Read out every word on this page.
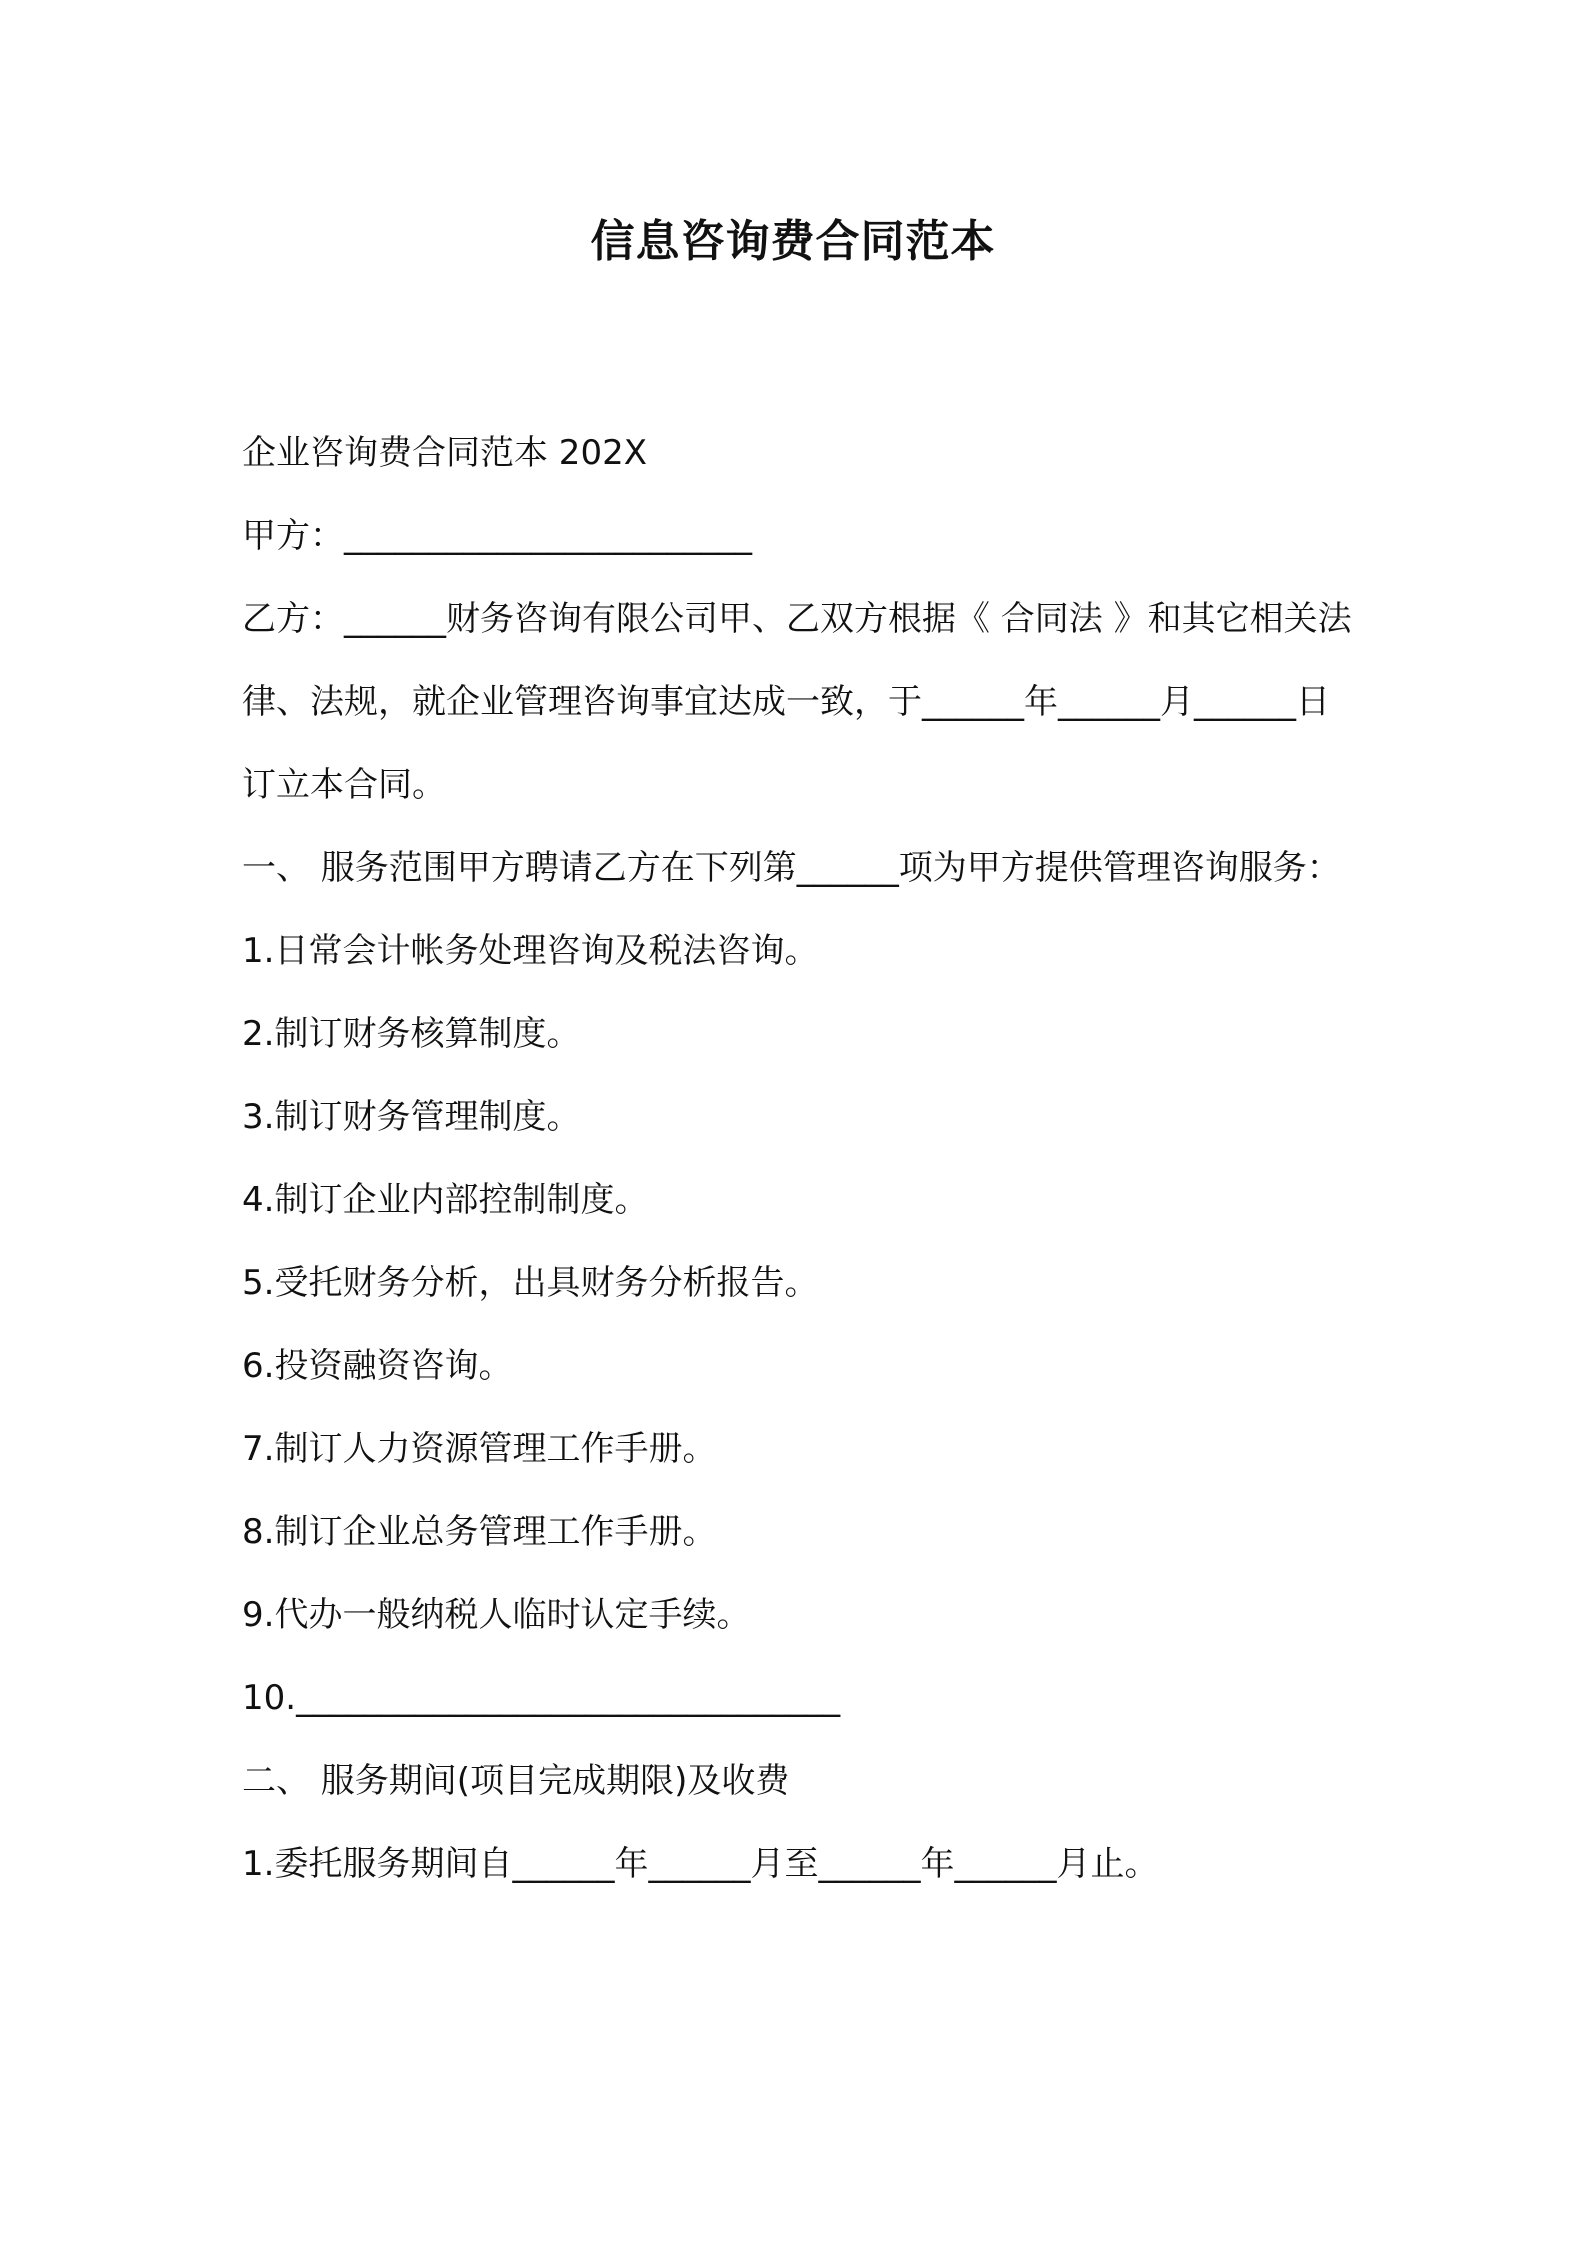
信息咨询费合同范本

企业咨询费合同范本 202X

甲方：________________________

乙方：______财务咨询有限公司甲、乙双方根据《 合同法 》和其它相关法律、法规，就企业管理咨询事宜达成一致，于______年______月______日订立本合同。

一、 服务范围甲方聘请乙方在下列第______项为甲方提供管理咨询服务：

1.日常会计帐务处理咨询及税法咨询。

2.制订财务核算制度。

3.制订财务管理制度。

4.制订企业内部控制制度。

5.受托财务分析，出具财务分析报告。

6.投资融资咨询。

7.制订人力资源管理工作手册。

8.制订企业总务管理工作手册。

9.代办一般纳税人临时认定手续。

10.________________________________

二、 服务期间(项目完成期限)及收费

1.委托服务期间自______年______月至______年______月止。
